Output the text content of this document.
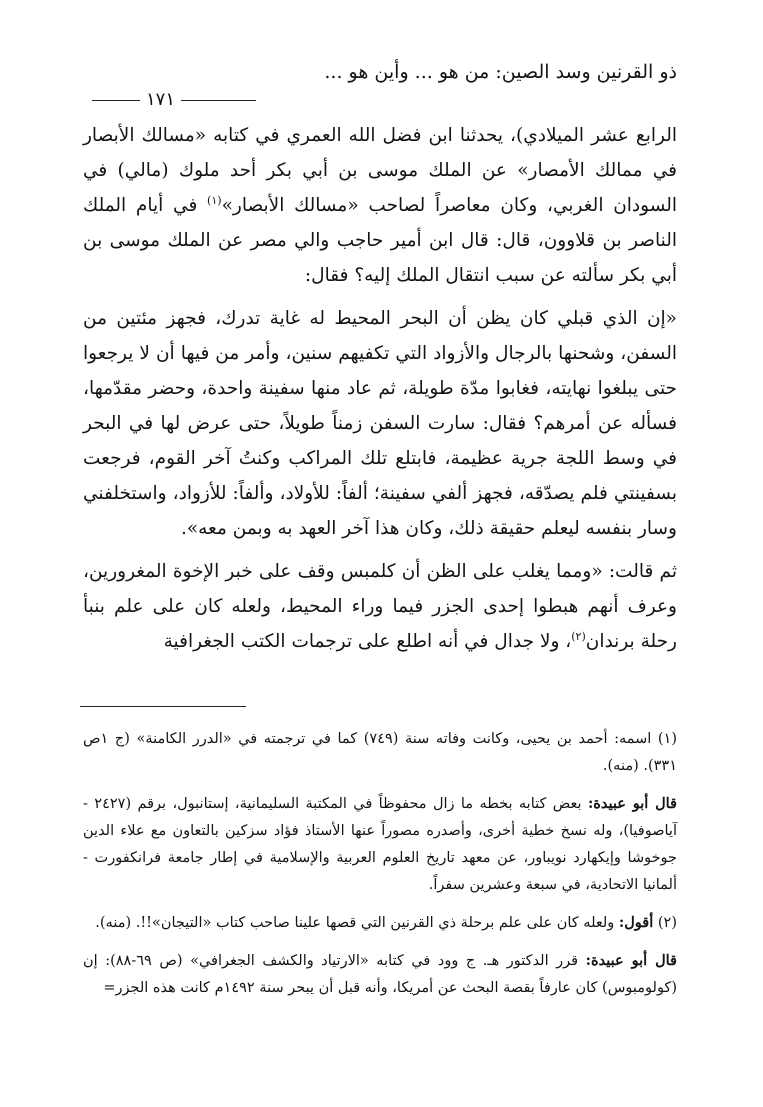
ذو القرنين وسد الصين: من هو ... وأين هو ...
١٧١

الرابع عشر الميلادي)، يحدثنا ابن فضل الله العمري في كتابه «مسالك الأبصار في ممالك الأمصار» عن الملك موسى بن أبي بكر أحد ملوك (مالي) في السودان الغربي، وكان معاصراً لصاحب «مسالك الأبصار»$^{(١)}$ في أيام الملك الناصر بن قلاوون، قال: قال ابن أمير حاجب والي مصر عن الملك موسى بن أبي بكر سألته عن سبب انتقال الملك إليه؟ فقال:

«إن الذي قبلي كان يظن أن البحر المحيط له غاية تدرك، فجهز مئتين من السفن، وشحنها بالرجال والأزواد التي تكفيهم سنين، وأمر من فيها أن لا يرجعوا حتى يبلغوا نهايته، فغابوا مدّة طويلة، ثم عاد منها سفينة واحدة، وحضر مقدّمها، فسأله عن أمرهم؟ فقال: سارت السفن زمناً طويلاً، حتى عرض لها في البحر في وسط اللجة جرية عظيمة، فابتلع تلك المراكب وكنتُ آخر القوم، فرجعت بسفينتي فلم يصدّقه، فجهز ألفي سفينة؛ ألفاً: للأولاد، وألفاً: للأزواد، واستخلفني وسار بنفسه ليعلم حقيقة ذلك، وكان هذا آخر العهد به وبمن معه».

ثم قالت: «ومما يغلب على الظن أن كلمبس وقف على خبر الإخوة المغرورين، وعرف أنهم هبطوا إحدى الجزر فيما وراء المحيط، ولعله كان على علم بنبأ رحلة برندان$^{(٢)}$، ولا جدال في أنه اطلع على ترجمات الكتب الجغرافية

(١) اسمه: أحمد بن يحيى، وكانت وفاته سنة (٧٤٩) كما في ترجمته في «الدرر الكامنة» (ج ١ص ٣٣١). (منه).

قال أبو عبيدة: بعض كتابه بخطه ما زال محفوظاً في المكتبة السليمانية، إستانبول، برقم (٢٤٢٧ - آياصوفيا)، وله نسخ خطية أخرى، وأصدره مصوراً عنها الأستاذ فؤاد سزكين بالتعاون مع علاء الدين جوخوشا وإيكهارد نويباور، عن معهد تاريخ العلوم العربية والإسلامية في إطار جامعة فرانكفورت - ألمانيا الاتحادية، في سبعة وعشرين سفراً.

(٢) أقول: ولعله كان على علم برحلة ذي القرنين التي قصها علينا صاحب كتاب «التيجان»!!. (منه).

قال أبو عبيدة: قرر الدكتور هـ. ج وود في كتابه «الارتياد والكشف الجغرافي» (ص ٦٩-٨٨): إن (كولومبوس) كان عارفاً بقصة البحث عن أمريكا، وأنه قبل أن يبحر سنة ١٤٩٢م كانت هذه الجزر=
